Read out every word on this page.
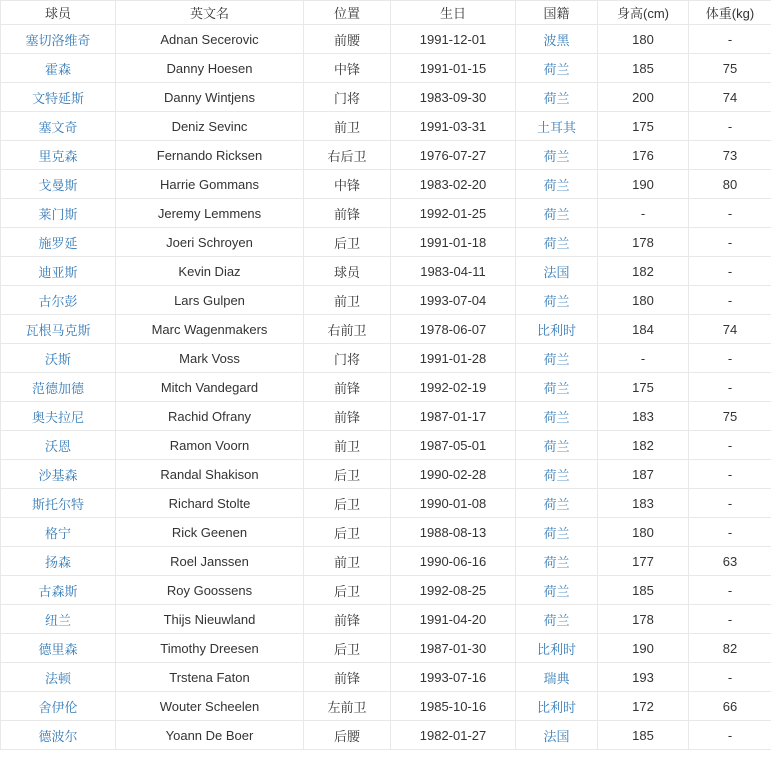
球员	英文名	位置	生日	国籍	身高(cm)	体重(kg)
塞切洛维奇	Adnan Secerovic	前腰	1991-12-01	波黑	180	-
霍森	Danny Hoesen	中锋	1991-01-15	荷兰	185	75
文特延斯	Danny Wintjens	门将	1983-09-30	荷兰	200	74
塞文奇	Deniz Sevinc	前卫	1991-03-31	土耳其	175	-
里克森	Fernando Ricksen	右后卫	1976-07-27	荷兰	176	73
戈曼斯	Harrie Gommans	中锋	1983-02-20	荷兰	190	80
莱门斯	Jeremy Lemmens	前锋	1992-01-25	荷兰	-	-
施罗延	Joeri Schroyen	后卫	1991-01-18	荷兰	178	-
迪亚斯	Kevin Diaz	球员	1983-04-11	法国	182	-
古尔彭	Lars Gulpen	前卫	1993-07-04	荷兰	180	-
瓦根马克斯	Marc Wagenmakers	右前卫	1978-06-07	比利时	184	74
沃斯	Mark Voss	门将	1991-01-28	荷兰	-	-
范德加德	Mitch Vandegard	前锋	1992-02-19	荷兰	175	-
奥夫拉尼	Rachid Ofrany	前锋	1987-01-17	荷兰	183	75
沃恩	Ramon Voorn	前卫	1987-05-01	荷兰	182	-
沙基森	Randal Shakison	后卫	1990-02-28	荷兰	187	-
斯托尔特	Richard Stolte	后卫	1990-01-08	荷兰	183	-
格宁	Rick Geenen	后卫	1988-08-13	荷兰	180	-
扬森	Roel Janssen	前卫	1990-06-16	荷兰	177	63
古森斯	Roy Goossens	后卫	1992-08-25	荷兰	185	-
纽兰	Thijs Nieuwland	前锋	1991-04-20	荷兰	178	-
德里森	Timothy Dreesen	后卫	1987-01-30	比利时	190	82
法顿	Trstena Faton	前锋	1993-07-16	瑞典	193	-
舍伊伦	Wouter Scheelen	左前卫	1985-10-16	比利时	172	66
德波尔	Yoann De Boer	后腰	1982-01-27	法国	185	-
